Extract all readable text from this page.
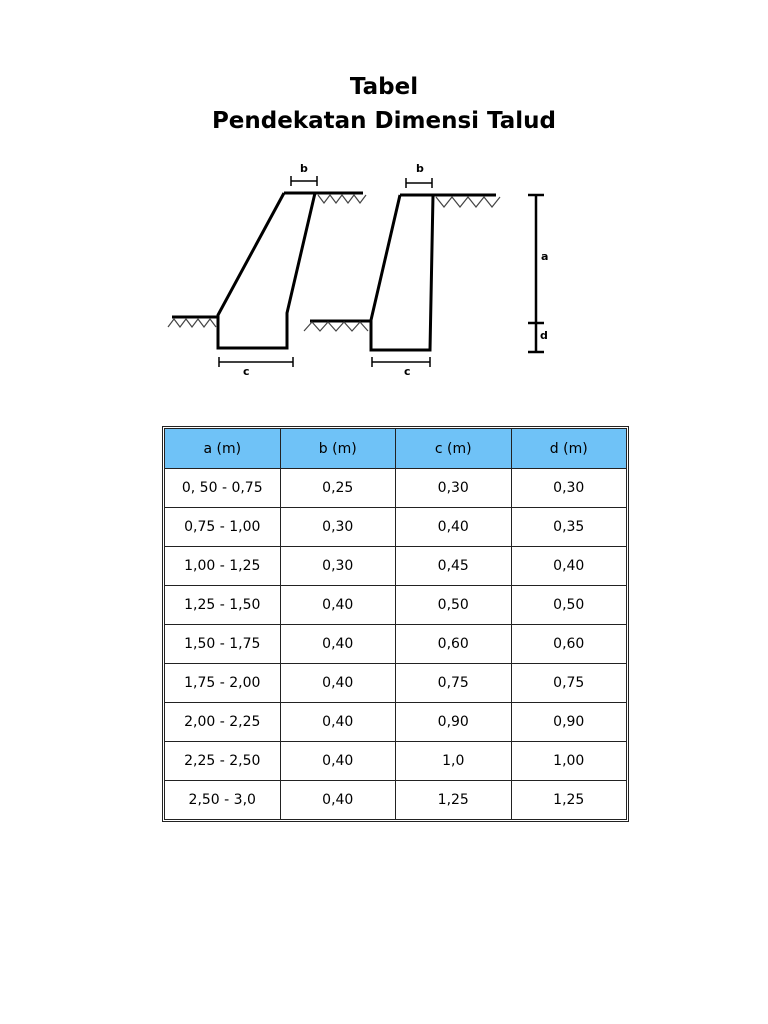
Tabel
Pendekatan Dimensi Talud
b
c
b
c
a
d
a (m)	b (m)	c (m)	d (m)
0, 50 - 0,75	0,25	0,30	0,30
0,75 - 1,00	0,30	0,40	0,35
1,00 - 1,25	0,30	0,45	0,40
1,25 - 1,50	0,40	0,50	0,50
1,50 - 1,75	0,40	0,60	0,60
1,75 - 2,00	0,40	0,75	0,75
2,00 - 2,25	0,40	0,90	0,90
2,25 - 2,50	0,40	1,0	1,00
2,50 - 3,0	0,40	1,25	1,25
